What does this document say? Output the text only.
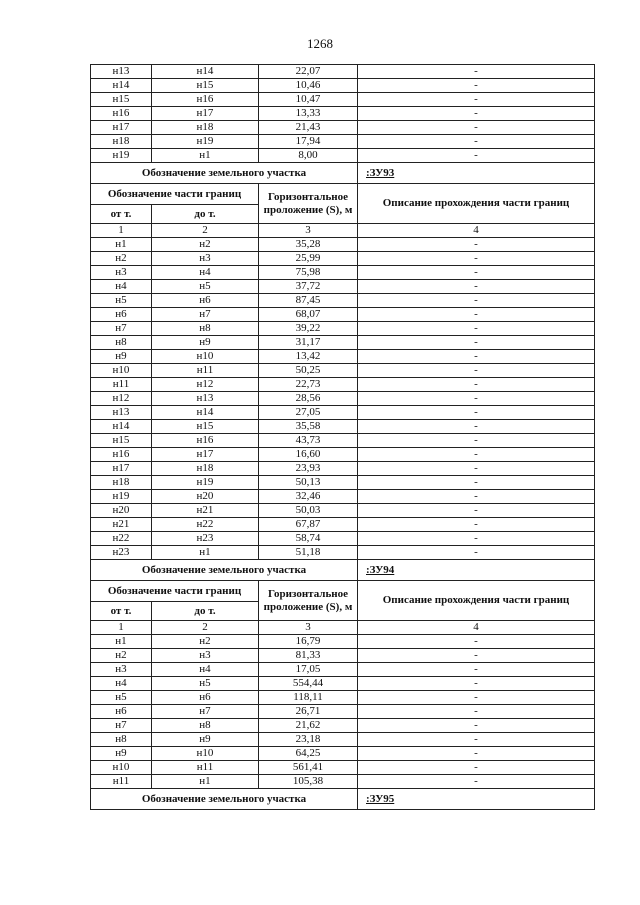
1268
н13	н14	22,07	-
н14	н15	10,46	-
н15	н16	10,47	-
н16	н17	13,33	-
н17	н18	21,43	-
н18	н19	17,94	-
н19	н1	8,00	-
Обозначение земельного участка			:ЗУ93
Обозначение части границ		Горизонтальное проложение (S), м	Описание прохождения части границ
от т.	до т.		
1	2	3	4
н1	н2	35,28	-
н2	н3	25,99	-
н3	н4	75,98	-
н4	н5	37,72	-
н5	н6	87,45	-
н6	н7	68,07	-
н7	н8	39,22	-
н8	н9	31,17	-
н9	н10	13,42	-
н10	н11	50,25	-
н11	н12	22,73	-
н12	н13	28,56	-
н13	н14	27,05	-
н14	н15	35,58	-
н15	н16	43,73	-
н16	н17	16,60	-
н17	н18	23,93	-
н18	н19	50,13	-
н19	н20	32,46	-
н20	н21	50,03	-
н21	н22	67,87	-
н22	н23	58,74	-
н23	н1	51,18	-
Обозначение земельного участка			:ЗУ94
Обозначение части границ		Горизонтальное проложение (S), м	Описание прохождения части границ
от т.	до т.		
1	2	3	4
н1	н2	16,79	-
н2	н3	81,33	-
н3	н4	17,05	-
н4	н5	554,44	-
н5	н6	118,11	-
н6	н7	26,71	-
н7	н8	21,62	-
н8	н9	23,18	-
н9	н10	64,25	-
н10	н11	561,41	-
н11	н1	105,38	-
Обозначение земельного участка			:ЗУ95
